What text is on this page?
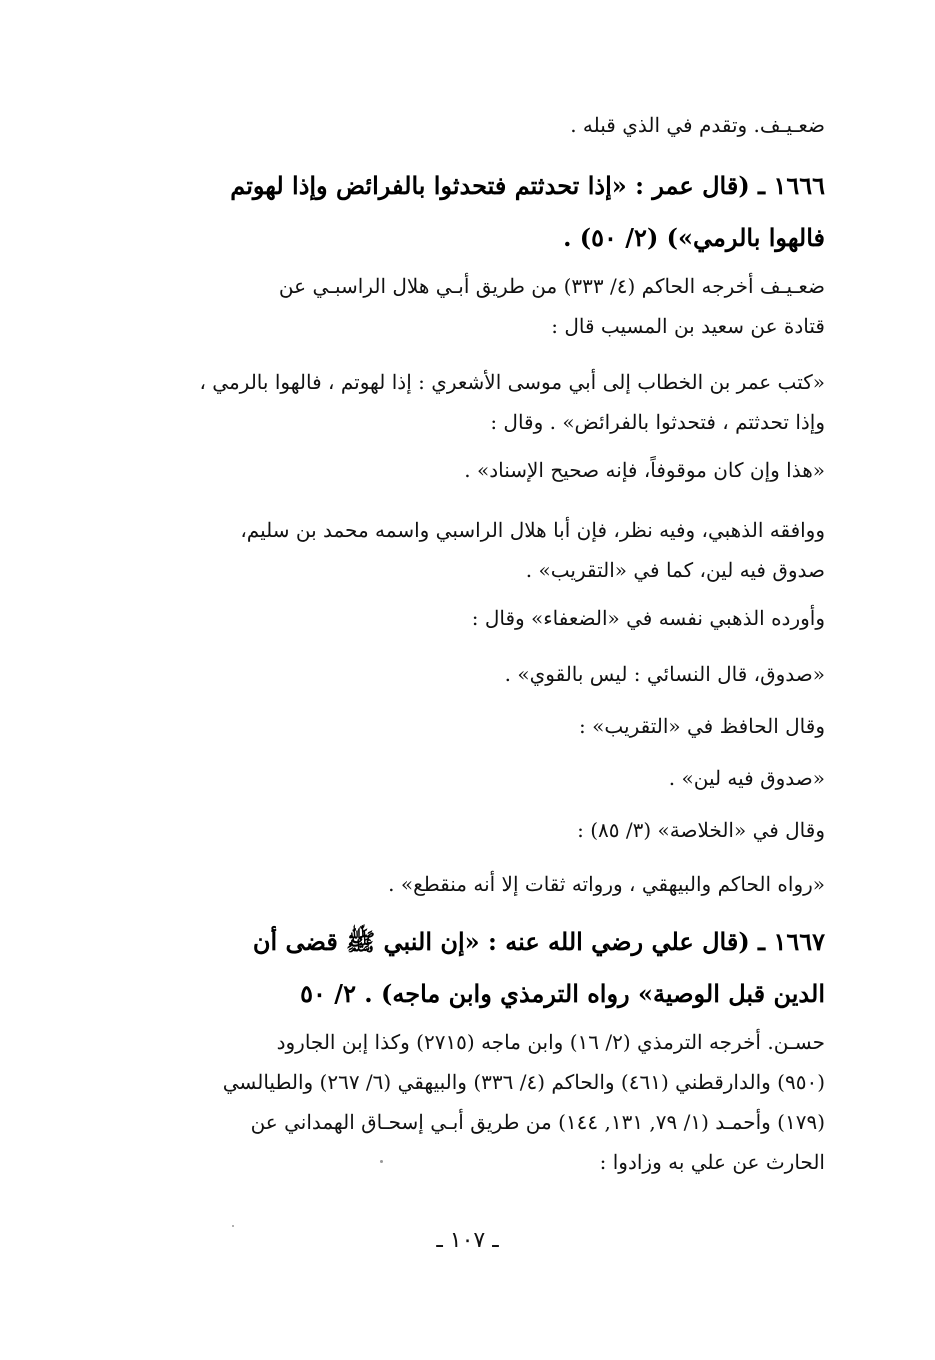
ضعـيـف. وتقدم في الذي قبله .
١٦٦٦ ـ (قال عمر : «إذا تحدثتم فتحدثوا بالفرائض وإذا لهوتم
فالهوا بالرمي») (٢/ ٥٠) .
ضعـيـف أخرجه الحاكم (٤/ ٣٣٣) من طريق أبـي هلال الراسبـي عن
قتادة عن سعيد بن المسيب قال :
«كتب عمر بن الخطاب إلى أبي موسى الأشعري : إذا لهوتم ، فالهوا بالرمي ،
وإذا تحدثتم ، فتحدثوا بالفرائض» . وقال :
«هذا وإن كان موقوفاً، فإنه صحيح الإسناد» .
ووافقه الذهبي، وفيه نظر، فإن أبا هلال الراسبي واسمه محمد بن سليم،
صدوق فيه لين، كما في «التقريب» .
وأورده الذهبي نفسه في «الضعفاء» وقال :
«صدوق، قال النسائي : ليس بالقوي» .
وقال الحافظ في «التقريب» :
«صدوق فيه لين» .
وقال في «الخلاصة» (٣/ ٨٥) :
«رواه الحاكم والبيهقي ، ورواته ثقات إلا أنه منقطع» .
١٦٦٧ ـ (قال علي رضي الله عنه : «إن النبي ﷺ قضى أن
الدين قبل الوصية» رواه الترمذي وابن ماجه) . ٢/ ٥٠
حسـن. أخرجه الترمذي (٢/ ١٦) وابن ماجه (٢٧١٥) وكذا إبن الجارود
(٩٥٠) والدارقطني (٤٦١) والحاكم (٤/ ٣٣٦) والبيهقي (٦/ ٢٦٧) والطيالسي
(١٧٩) وأحمـد (١/ ٧٩, ١٣١, ١٤٤) من طريق أبـي إسحـاق الهمداني عن
الحارث عن علي به وزادوا :
ـ ١٠٧ ـ
